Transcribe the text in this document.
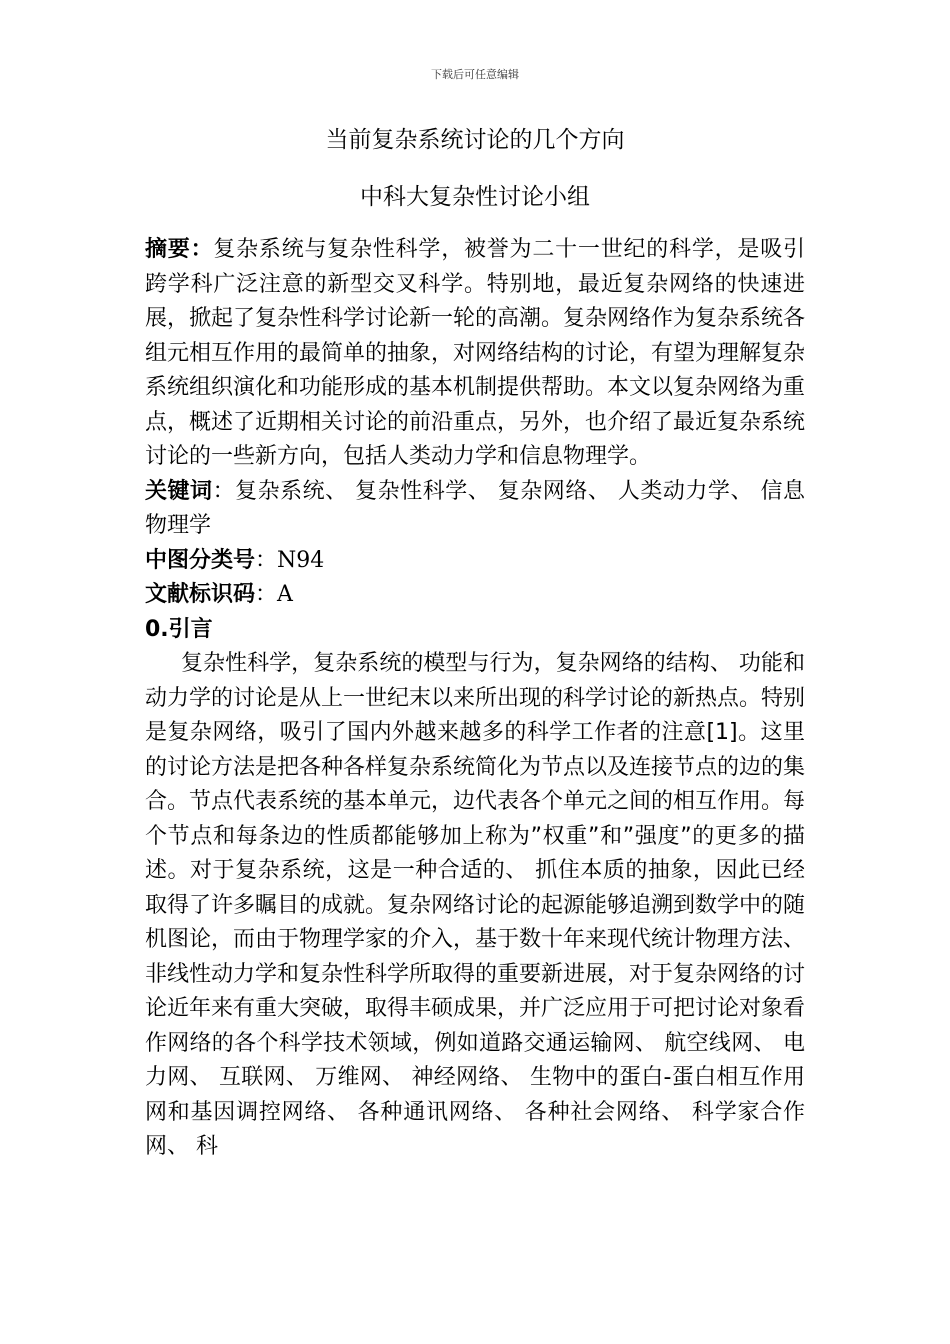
下载后可任意编辑
当前复杂系统讨论的几个方向
中科大复杂性讨论小组

摘要：复杂系统与复杂性科学，被誉为二十一世纪的科学，是吸引跨学科广泛注意的新型交叉科学。特别地，最近复杂网络的快速进展，掀起了复杂性科学讨论新一轮的高潮。复杂网络作为复杂系统各组元相互作用的最简单的抽象，对网络结构的讨论，有望为理解复杂系统组织演化和功能形成的基本机制提供帮助。本文以复杂网络为重点，概述了近期相关讨论的前沿重点，另外，也介绍了最近复杂系统讨论的一些新方向，包括人类动力学和信息物理学。

关键词：复杂系统、 复杂性科学、 复杂网络、 人类动力学、 信息物理学

中图分类号：N94

文献标识码：A

0.引言

复杂性科学，复杂系统的模型与行为，复杂网络的结构、 功能和动力学的讨论是从上一世纪末以来所出现的科学讨论的新热点。特别是复杂网络，吸引了国内外越来越多的科学工作者的注意[1]。这里的讨论方法是把各种各样复杂系统简化为节点以及连接节点的边的集合。节点代表系统的基本单元，边代表各个单元之间的相互作用。每个节点和每条边的性质都能够加上称为”权重”和”强度”的更多的描述。对于复杂系统，这是一种合适的、 抓住本质的抽象，因此已经取得了许多瞩目的成就。复杂网络讨论的起源能够追溯到数学中的随机图论，而由于物理学家的介入，基于数十年来现代统计物理方法、 非线性动力学和复杂性科学所取得的重要新进展，对于复杂网络的讨论近年来有重大突破，取得丰硕成果，并广泛应用于可把讨论对象看作网络的各个科学技术领域，例如道路交通运输网、 航空线网、 电力网、 互联网、 万维网、 神经网络、 生物中的蛋白-蛋白相互作用网和基因调控网络、 各种通讯网络、 各种社会网络、 科学家合作网、 科
